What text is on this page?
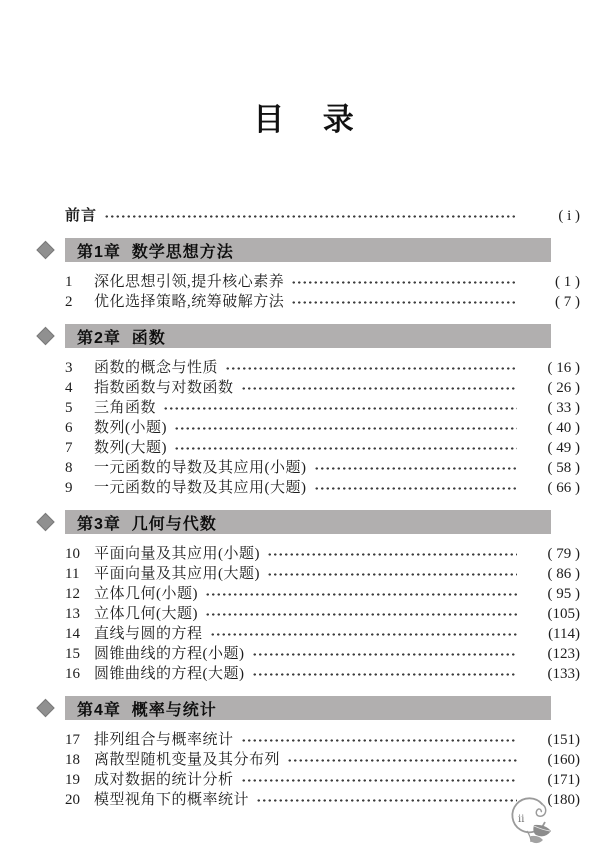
目 录
前言	( i )
第1章  数学思想方法
1	深化思想引领,提升核心素养	( 1 )
2	优化选择策略,统筹破解方法	( 7 )
第2章  函数
3	函数的概念与性质	( 16 )
4	指数函数与对数函数	( 26 )
5	三角函数	( 33 )
6	数列(小题)	( 40 )
7	数列(大题)	( 49 )
8	一元函数的导数及其应用(小题)	( 58 )
9	一元函数的导数及其应用(大题)	( 66 )
第3章  几何与代数
10 平面向量及其应用(小题)	( 79 )
11 平面向量及其应用(大题)	( 86 )
12 立体几何(小题)	( 95 )
13 立体几何(大题)	(105)
14 直线与圆的方程	(114)
15 圆锥曲线的方程(小题)	(123)
16 圆锥曲线的方程(大题)	(133)
第4章  概率与统计
17 排列组合与概率统计	(151)
18 离散型随机变量及其分布列	(160)
19 成对数据的统计分析	(171)
20 模型视角下的概率统计	(180)
ⅱ
